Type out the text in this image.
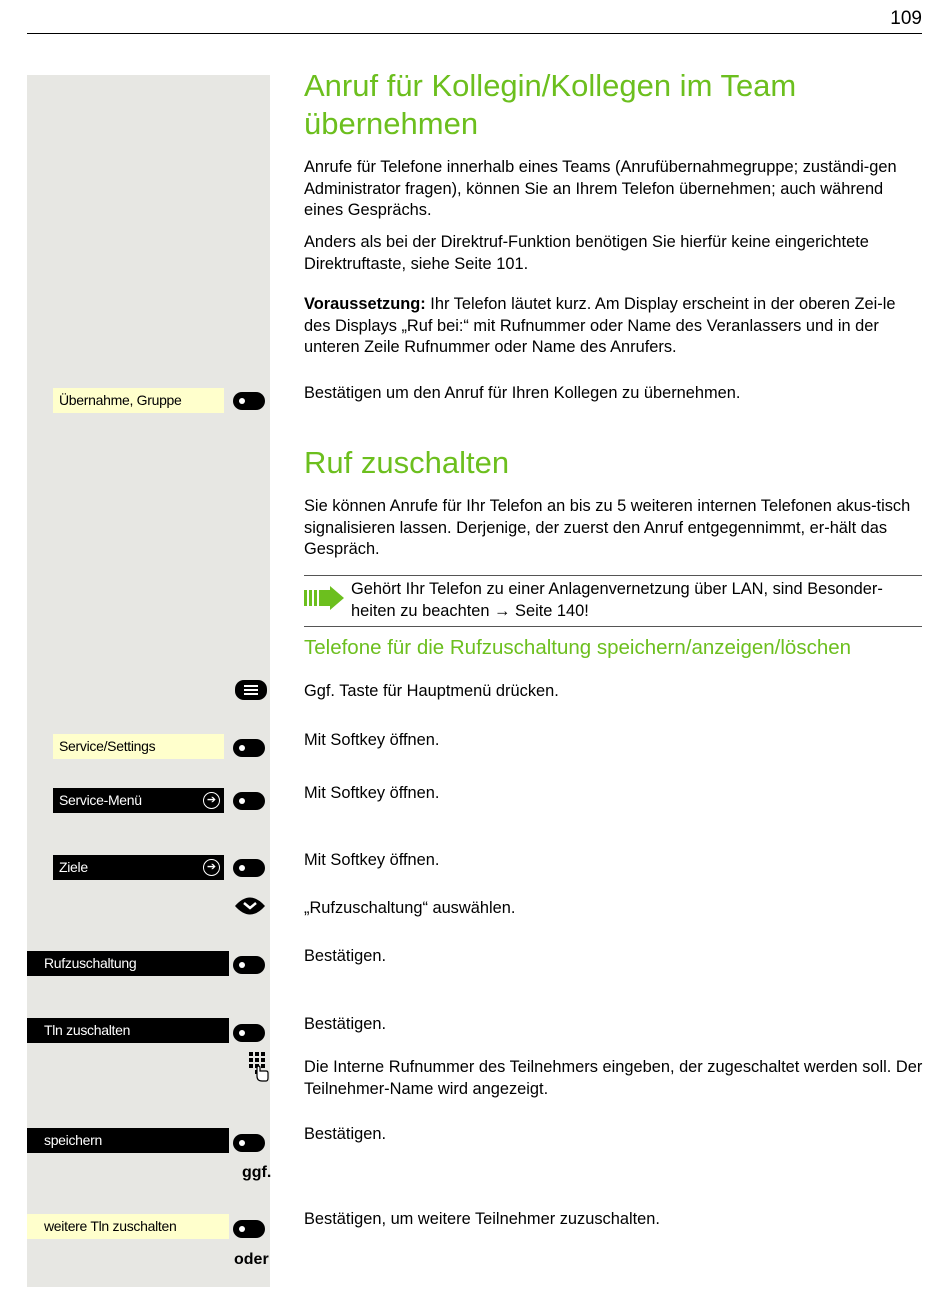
109
Anruf für Kollegin/Kollegen im Team
übernehmen

Anrufe für Telefone innerhalb eines Teams (Anrufübernahmegruppe; zuständi-gen Administrator fragen), können Sie an Ihrem Telefon übernehmen; auch während eines Gesprächs.

Anders als bei der Direktruf-Funktion benötigen Sie hierfür keine eingerichtete Direktruftaste, siehe Seite 101.

Voraussetzung: Ihr Telefon läutet kurz. Am Display erscheint in der oberen Zei-le des Displays „Ruf bei:“ mit Rufnummer oder Name des Veranlassers und in der unteren Zeile Rufnummer oder Name des Anrufers.

Übernahme, Gruppe	Bestätigen um den Anruf für Ihren Kollegen zu übernehmen.

Ruf zuschalten

Sie können Anrufe für Ihr Telefon an bis zu 5 weiteren internen Telefonen akus-tisch signalisieren lassen. Derjenige, der zuerst den Anruf entgegennimmt, er-hält das Gespräch.

Gehört Ihr Telefon zu einer Anlagenvernetzung über LAN, sind Besonder-heiten zu beachten → Seite 140!

Telefone für die Rufzuschaltung speichern/anzeigen/löschen

Ggf. Taste für Hauptmenü drücken.

Service/Settings	Mit Softkey öffnen.

Service-Menü	➔	Mit Softkey öffnen.

Ziele	➔	Mit Softkey öffnen.

„Rufzuschaltung“ auswählen.

Rufzuschaltung	Bestätigen.

Tln zuschalten	Bestätigen.

Die Interne Rufnummer des Teilnehmers eingeben, der zugeschaltet werden soll. Der Teilnehmer-Name wird angezeigt.

speichern	Bestätigen.

ggf.
weitere Tln zuschalten	Bestätigen, um weitere Teilnehmer zuzuschalten.

oder
